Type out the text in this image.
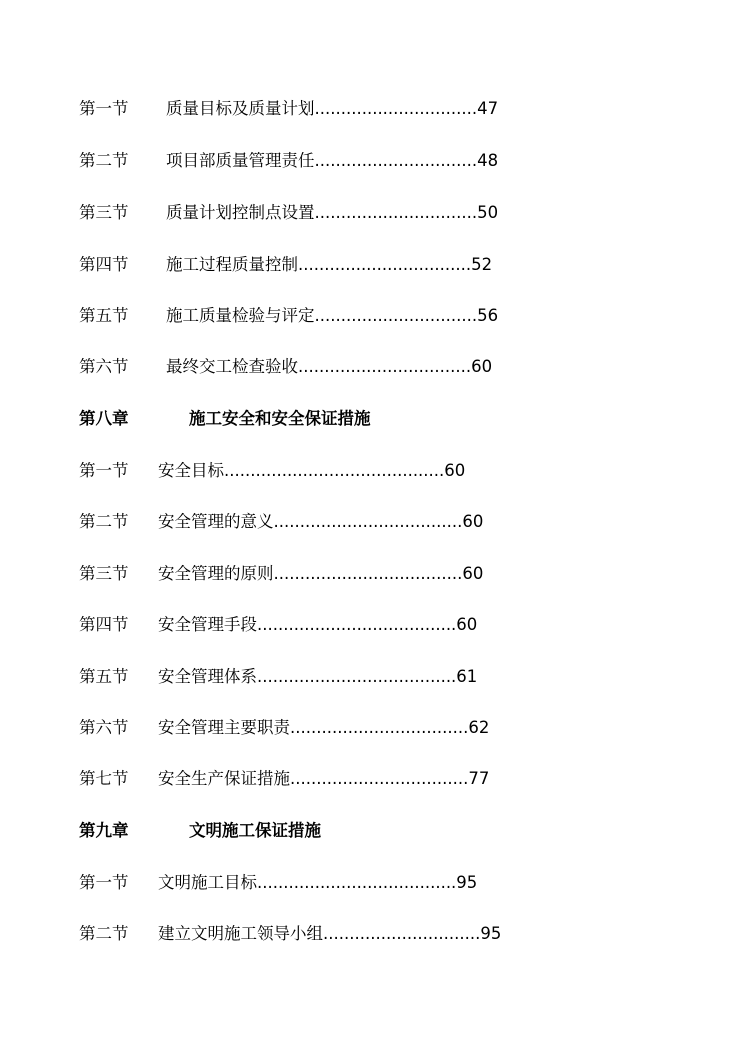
第一节 质量目标及质量计划...............................47
第二节 项目部质量管理责任...............................48
第三节 质量计划控制点设置...............................50
第四节 施工过程质量控制.................................52
第五节 施工质量检验与评定...............................56
第六节 最终交工检查验收.................................60
第八章	施工安全和安全保证措施
第一节 安全目标..........................................60
第二节 安全管理的意义....................................60
第三节 安全管理的原则....................................60
第四节 安全管理手段......................................60
第五节 安全管理体系......................................61
第六节 安全管理主要职责..................................62
第七节 安全生产保证措施..................................77
第九章	文明施工保证措施
第一节 文明施工目标......................................95
第二节 建立文明施工领导小组..............................95
